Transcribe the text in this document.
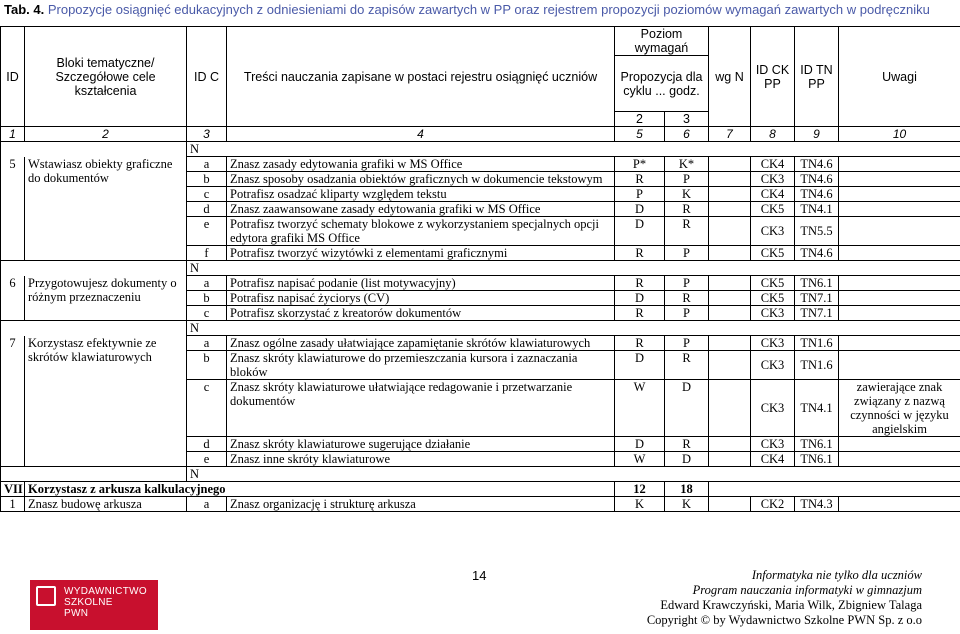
Tab. 4. Propozycje osiągnięć edukacyjnych z odniesieniami do zapisów zawartych w PP oraz rejestrem propozycji poziomów wymagań zawartych w podręczniku
ID	Bloki tematyczne/ Szczegółowe cele kształcenia	ID C	Treści nauczania zapisane w postaci rejestru osiągnięć uczniów	Poziom wymagań		wg N	ID CK PP	ID TN PP	Uwagi
				Propozycja dla cyklu ... godz.					
				2	3				
1	2	3	4	5	6	7	8	9	10
		N							
5	Wstawiasz obiekty graficzne do dokumentów	a	Znasz zasady edytowania grafiki w MS Office	P*	K*		CK4	TN4.6	
		b	Znasz sposoby osadzania obiektów graficznych w dokumencie tekstowym	R	P		CK3	TN4.6	
		c	Potrafisz osadzać kliparty względem tekstu	P	K		CK4	TN4.6	
		d	Znasz zaawansowane zasady edytowania grafiki w MS Office	D	R		CK5	TN4.1	
		e	Potrafisz tworzyć schematy blokowe z wykorzystaniem specjalnych opcji edytora grafiki MS Office	D	R		CK3	TN5.5	
		f	Potrafisz tworzyć wizytówki z elementami graficznymi	R	P		CK5	TN4.6	
		N							
6	Przygotowujesz dokumenty o różnym przeznaczeniu	a	Potrafisz napisać podanie (list motywacyjny)	R	P		CK5	TN6.1	
		b	Potrafisz napisać życiorys (CV)	D	R		CK5	TN7.1	
		c	Potrafisz skorzystać z kreatorów dokumentów	R	P		CK3	TN7.1	
		N							
7	Korzystasz efektywnie ze skrótów klawiaturowych	a	Znasz ogólne zasady ułatwiające zapamiętanie skrótów klawiaturowych	R	P		CK3	TN1.6	
		b	Znasz skróty klawiaturowe do przemieszczania kursora i zaznaczania bloków	D	R		CK3	TN1.6	
		c	Znasz skróty klawiaturowe ułatwiające redagowanie i przetwarzanie dokumentów	W	D		CK3	TN4.1	zawierające znak związany z nazwą czynności w języku angielskim
		d	Znasz skróty klawiaturowe sugerujące działanie	D	R		CK3	TN6.1	
		e	Znasz inne skróty klawiaturowe	W	D		CK4	TN6.1	
		N							
VII	Korzystasz z arkusza kalkulacyjnego			12	18				
1	Znasz budowę arkusza	a	Znasz organizację i strukturę arkusza	K	K		CK2	TN4.3	
14
WYDAWNICTWO
SZKOLNE
PWN
Informatyka nie tylko dla uczniów
Program nauczania informatyki w gimnazjum
Edward Krawczyński, Maria Wilk, Zbigniew Talaga
Copyright © by Wydawnictwo Szkolne PWN Sp. z o.o
